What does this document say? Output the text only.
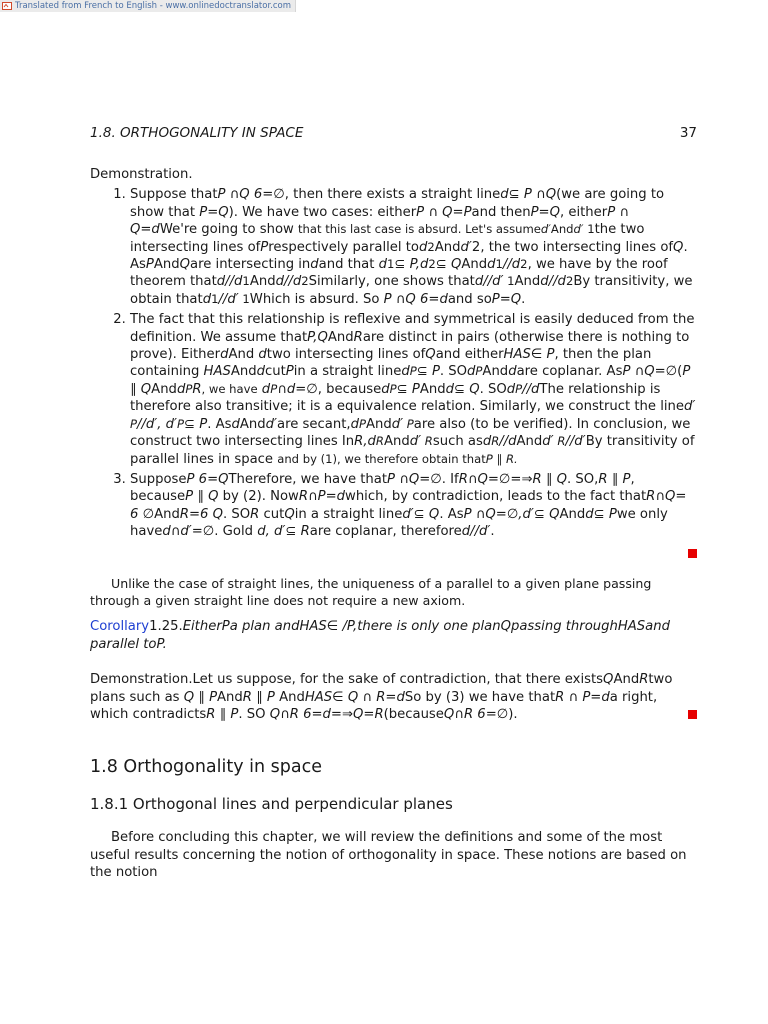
Translated from French to English - www.onlinedoctranslator.com
1.8. ORTHOGONALITY IN SPACE	37

Demonstration.

1. Suppose thatP ∩Q 6=∅, then there exists a straight lined⊆ P ∩Q(we are going to show that P=Q). We have two cases: eitherP ∩ Q=Pand thenP=Q, eitherP ∩ Q=dWe're going to show that this last case is absurd. Let's assumed′Andd′ 1the two intersecting lines ofPrespectively parallel tod2Andd′2, the two intersecting lines ofQ. AsPAndQare intersecting indand that d1⊆ P,d2⊆ QAndd1//d2, we have by the roof theorem thatd//d1Andd//d2Similarly, one shows thatd//d′ 1Andd//d2By transitivity, we obtain thatd1//d′ 1Which is absurd. So P ∩Q 6=dand soP=Q.
2. The fact that this relationship is reflexive and symmetrical is easily deduced from the definition. We assume thatP,QAndRare distinct in pairs (otherwise there is nothing to prove). EitherdAnd dtwo intersecting lines ofQand eitherHAS∈ P, then the plan containing HASAnddcutPin a straight linedP⊆ P. SOdPAnddare coplanar. AsP ∩Q=∅(P ∥ QAnddPR, we have dP∩d=∅, becausedP⊆ PAndd⊆ Q. SOdP//dThe relationship is therefore also transitive; it is a equivalence relation. Similarly, we construct the lined′ P//d′, d′P⊆ P. AsdAndd′are secant,dPAndd′ Pare also (to be verified). In conclusion, we construct two intersecting lines InR,dRAndd′ Rsuch asdR//dAndd′ R//d′By transitivity of parallel lines in space and by (1), we therefore obtain thatP ∥ R.
3. SupposeP 6=QTherefore, we have thatP ∩Q=∅. IfR∩Q=∅=⇒R ∥ Q. SO,R ∥ P, becauseP ∥ Q by (2). NowR∩P=dwhich, by contradiction, leads to the fact thatR∩Q= 6 ∅AndR=6 Q. SOR cutQin a straight lined′⊆ Q. AsP ∩Q=∅,d′⊆ QAndd⊆ Pwe only haved∩d′=∅. Gold d, d′⊆ Rare coplanar, therefored//d′.

Unlike the case of straight lines, the uniqueness of a parallel to a given plane passing through a given straight line does not require a new axiom.

Corollary1.25.EitherPa plan andHAS∈ /P,there is only one planQpassing throughHASand parallel toP.

Demonstration.Let us suppose, for the sake of contradiction, that there existsQAndRtwo plans such as Q ∥ PAndR ∥ P AndHAS∈ Q ∩ R=dSo by (3) we have thatR ∩ P=da right, which contradictsR ∥ P. SO Q∩R 6=d=⇒Q=R(becauseQ∩R 6=∅).

1.8 Orthogonality in space
1.8.1 Orthogonal lines and perpendicular planes

Before concluding this chapter, we will review the definitions and some of the most useful results concerning the notion of orthogonality in space. These notions are based on the notion
